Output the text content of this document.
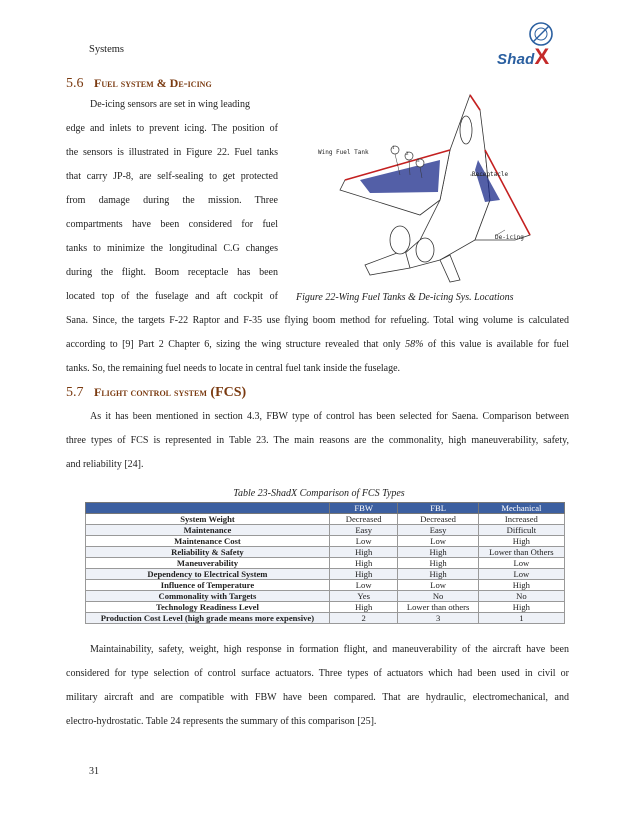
Systems
ShadX
5.6 Fuel system & De-icing
De-icing sensors are set in wing leading
edge and inlets to prevent icing. The position of
the sensors is illustrated in Figure 22. Fuel tanks
that carry JP-8, are self-sealing to get protected
from damage during the mission. Three
compartments have been considered for fuel
tanks to minimize the longitudinal C.G changes
during the flight. Boom receptacle has been
located top of the fuselage and aft cockpit of
Wing Fuel Tank
Receptacle
De-icing
1
2
3
Figure 22-Wing Fuel Tanks & De-icing Sys. Locations
Sana. Since, the targets F-22 Raptor and F-35 use flying boom method for refueling. Total wing volume is calculated
according to [9] Part 2 Chapter 6, sizing the wing structure revealed that only 58% of this value is available for fuel
tanks. So, the remaining fuel needs to locate in central fuel tank inside the fuselage.
5.7 Flight control system (FCS)
As it has been mentioned in section 4.3, FBW type of control has been selected for Saena. Comparison between
three types of FCS is represented in Table 23. The main reasons are the commonality, high maneuverability, safety,
and reliability [24].
Table 23-ShadX Comparison of FCS Types
	FBW	FBL	Mechanical
System Weight	Decreased	Decreased	Increased
Maintenance	Easy	Easy	Difficult
Maintenance Cost	Low	Low	High
Reliability & Safety	High	High	Lower than Others
Maneuverability	High	High	Low
Dependency to Electrical System	High	High	Low
Influence of Temperature	Low	Low	High
Commonality with Targets	Yes	No	No
Technology Readiness Level	High	Lower than others	High
Production Cost Level (high grade means more expensive)	2	3	1
Maintainability, safety, weight, high response in formation flight, and maneuverability of the aircraft have been
considered for type selection of control surface actuators. Three types of actuators which had been used in civil or
military aircraft and are compatible with FBW have been compared. That are hydraulic, electromechanical, and
electro-hydrostatic. Table 24 represents the summary of this comparison [25].
31
